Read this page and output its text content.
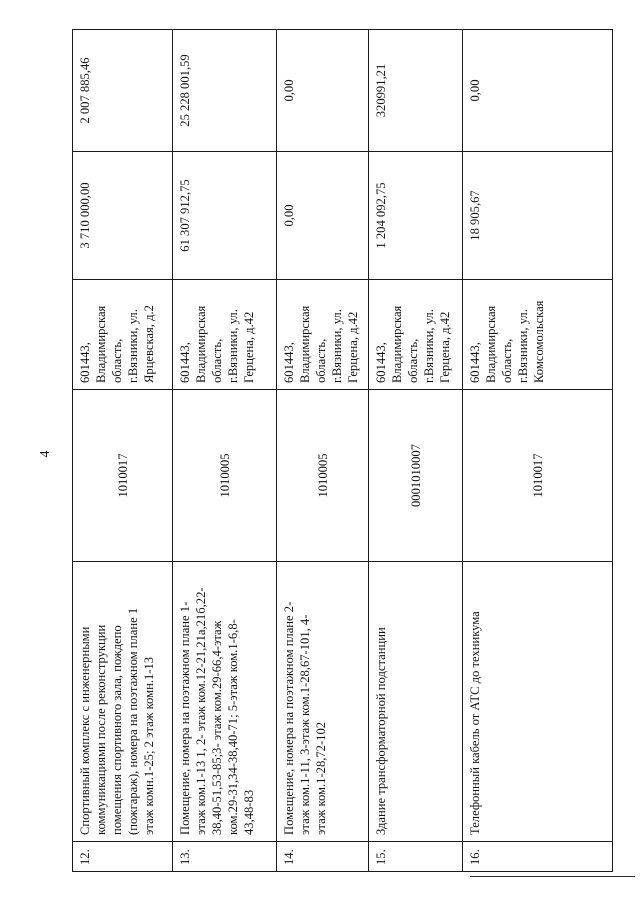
4
12.	Спортивный комплекс с инженерными коммуникациями после реконструкции помещения спортивного зала, пождепо (пожгараж), номера на поэтажном плане 1 этаж комн.1-25; 2 этаж комн.1-13	1010017	601443, Владимирская область, г.Вязники, ул. Ярцевская, д.2	3 710 000,00	2 007 885,46
13.	Помещение, номера на поэтажном плане 1- этаж ком.1-13 1, 2- этаж ком.12-21,21а,21б,22- 38,40-51,53-85;3- этаж ком.29-66,4-этаж ком.29-31,34-38,40-71; 5-этаж ком.1-6,8- 43,48-83	1010005	601443, Владимирская область, г.Вязники, ул. Герцена, д.42	61 307 912,75	25 228 001,59
14.	Помещение, номера на поэтажном плане 2- этаж ком.1-11, 3-этаж ком.1-28,67-101, 4- этаж ком.1-28,72-102	1010005	601443, Владимирская область, г.Вязники, ул. Герцена, д.42	0,00	0,00
15.	Здание трансформаторной подстанции	0001010007	601443, Владимирская область, г.Вязники, ул. Герцена, д.42	1 204 092,75	320991,21
16.	Телефонный кабель от АТС до техникума	1010017	601443, Владимирская область, г.Вязники, ул. Комсомольская	18 905,67	0,00
